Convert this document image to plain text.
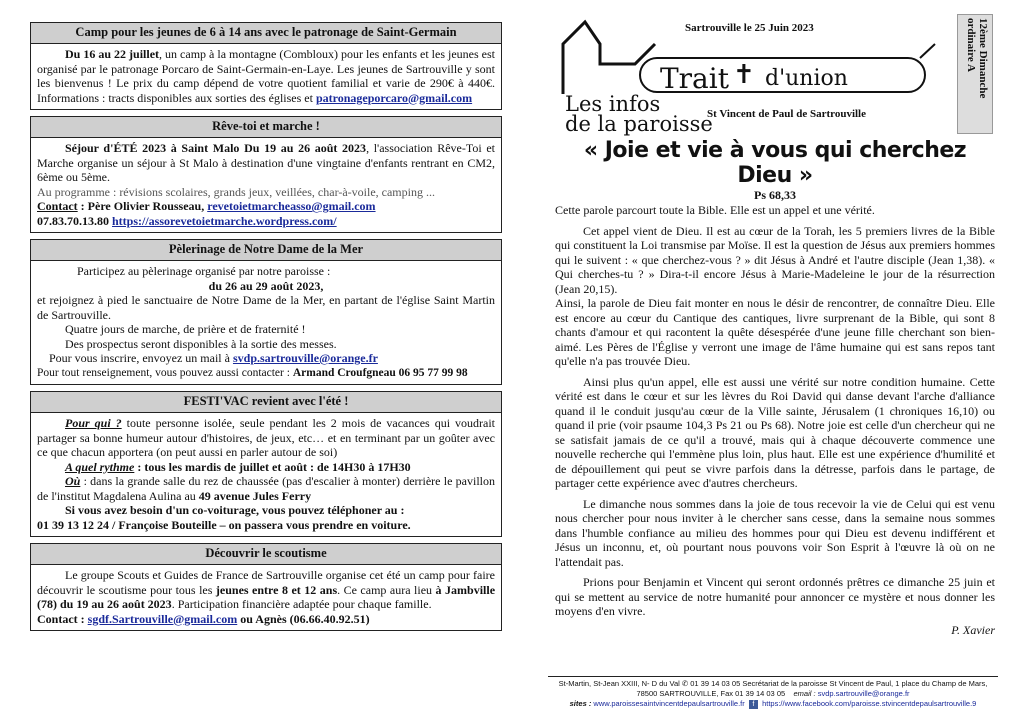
Camp pour les jeunes de 6 à 14 ans avec le patronage de Saint-Germain
Du 16 au 22 juillet, un camp à la montagne (Combloux) pour les enfants et les jeunes est organisé par le patronage Porcaro de Saint-Germain-en-Laye. Les jeunes de Sartrouville y sont les bienvenus ! Le prix du camp dépend de votre quotient familial et varie de 290€ à 440€. Informations : tracts disponibles aux sorties des églises et patronageporcaro@gmail.com
Rêve-toi et marche !
Séjour d'ÉTÉ 2023 à Saint Malo Du 19 au 26 août 2023, l'association Rêve-Toi et Marche organise un séjour à St Malo à destination d'une vingtaine d'enfants rentrant en CM2, 6ème ou 5ème.
Au programme : révisions scolaires, grands jeux, veillées, char-à-voile, camping ...
Contact : Père Olivier Rousseau, revetoietmarcheasso@gmail.com
07.83.70.13.80 https://assorevetoietmarche.wordpress.com/
Pèlerinage de Notre Dame de la Mer
Participez au pèlerinage organisé par notre paroisse :
du 26 au 29 août 2023,
et rejoignez à pied le sanctuaire de Notre Dame de la Mer, en partant de l'église Saint Martin de Sartrouville.
Quatre jours de marche, de prière et de fraternité !
Des prospectus seront disponibles à la sortie des messes.
Pour vous inscrire, envoyez un mail à svdp.sartrouville@orange.fr
Pour tout renseignement, vous pouvez aussi contacter : Armand Croufgneau 06 95 77 99 98
FESTI'VAC revient avec l'été !
Pour qui ? toute personne isolée, seule pendant les 2 mois de vacances qui voudrait partager sa bonne humeur autour d'histoires, de jeux, etc… et en terminant par un goûter avec ce que chacun apportera (on peut aussi en parler autour de soi)
A quel rythme : tous les mardis de juillet et août : de 14H30 à 17H30
Où : dans la grande salle du rez de chaussée (pas d'escalier à monter) derrière le pavillon de l'institut Magdalena Aulina au 49 avenue Jules Ferry
Si vous avez besoin d'un co-voiturage, vous pouvez téléphoner au :
01 39 13 12 24 / Françoise Bouteille – on passera vous prendre en voiture.
Découvrir le scoutisme
Le groupe Scouts et Guides de France de Sartrouville organise cet été un camp pour faire découvrir le scoutisme pour tous les jeunes entre 8 et 12 ans. Ce camp aura lieu à Jambville (78) du 19 au 26 août 2023. Participation financière adaptée pour chaque famille.
Contact : sgdf.Sartrouville@gmail.com ou Agnès (06.66.40.92.51)
Sartrouville le 25 Juin 2023
Trait ✝ d'union
Les infos
de la paroisse
St Vincent de Paul de Sartrouville
12ème Dimanche ordinaire A
« Joie et vie à vous qui cherchez Dieu »
Ps 68,33

Cette parole parcourt toute la Bible. Elle est un appel et une vérité.

Cet appel vient de Dieu. Il est au cœur de la Torah, les 5 premiers livres de la Bible qui constituent la Loi transmise par Moïse. Il est la question de Jésus aux premiers hommes qui le suivent : « que cherchez-vous ? » dit Jésus à André et l'autre disciple (Jean 1,38). « Qui cherches-tu ? » Dira-t-il encore Jésus à Marie-Madeleine le jour de la résurrection (Jean 20,15).

Ainsi, la parole de Dieu fait monter en nous le désir de rencontrer, de connaître Dieu. Elle est encore au cœur du Cantique des cantiques, livre surprenant de la Bible, qui sont 8 chants d'amour et qui racontent la quête désespérée d'une jeune fille cherchant son bien-aimé. Les Pères de l'Église y verront une image de l'âme humaine qui est sans repos tant qu'elle n'a pas trouvée Dieu.

Ainsi plus qu'un appel, elle est aussi une vérité sur notre condition humaine. Cette vérité est dans le cœur et sur les lèvres du Roi David qui danse devant l'arche d'alliance quand il le conduit jusqu'au cœur de la Ville sainte, Jérusalem (1 chroniques 16,10) ou quand il prie (voir psaume 104,3 Ps 21 ou Ps 68). Notre joie est celle d'un chercheur qui ne se satisfait jamais de ce qu'il a trouvé, mais qui à chaque découverte commence une nouvelle recherche qui l'emmène plus loin, plus haut. Elle est une expérience d'humilité et de dépouillement qui peut se vivre parfois dans la détresse, parfois dans le partage, de partager cette expérience avec d'autres chercheurs.

Le dimanche nous sommes dans la joie de tous recevoir la vie de Celui qui est venu nous chercher pour nous inviter à le chercher sans cesse, dans la semaine nous sommes dans l'humble confiance au milieu des hommes pour qui Dieu est devenu indifférent et Jésus un inconnu, et, où pourtant nous pouvons voir Son Esprit à l'œuvre là où on ne l'attendait pas.

Prions pour Benjamin et Vincent qui seront ordonnés prêtres ce dimanche 25 juin et qui se mettent au service de notre humanité pour annoncer ce mystère et nous donner les moyens d'en vivre.

P. Xavier
St-Martin, St-Jean XXIII, N- D du Val ✆ 01 39 14 03 05 Secrétariat de la paroisse St Vincent de Paul, 1 place du Champ de Mars,
78500 SARTROUVILLE, Fax 01 39 14 03 05 email : svdp.sartrouville@orange.fr
sites : www.paroissesaintvincentdepaulsartrouville.fr f https://www.facebook.com/paroisse.stvincentdepaulsartrouville.9
